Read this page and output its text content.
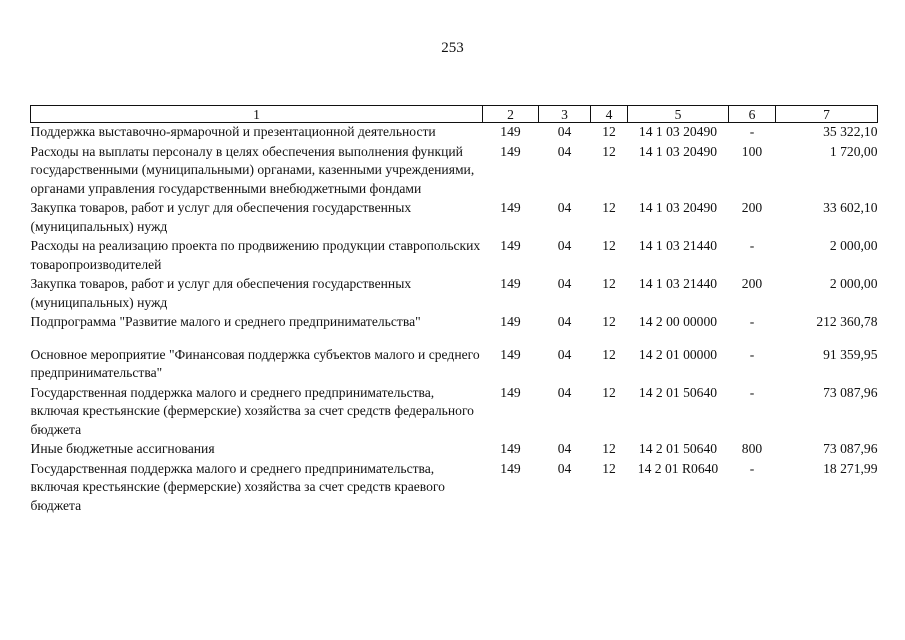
253
1	2	3	4	5	6	7
Поддержка выставочно-ярмарочной и презентационной деятельности	149	04	12	14 1 03 20490	-	35 322,10
Расходы на выплаты персоналу в целях обеспечения выполнения функций государственными (муниципальными) органами, казенными учреждениями, органами управления государственными внебюджетными фондами	149	04	12	14 1 03 20490	100	1 720,00
Закупка товаров, работ и услуг для обеспечения государственных (муниципальных) нужд	149	04	12	14 1 03 20490	200	33 602,10
Расходы на реализацию проекта по продвижению продукции ставропольских товаропроизводителей	149	04	12	14 1 03 21440	-	2 000,00
Закупка товаров, работ и услуг для обеспечения государственных (муниципальных) нужд	149	04	12	14 1 03 21440	200	2 000,00
Подпрограмма "Развитие малого и среднего предпринимательства"	149	04	12	14 2 00 00000	-	212 360,78
Основное мероприятие "Финансовая поддержка субъектов малого и среднего предпринимательства"	149	04	12	14 2 01 00000	-	91 359,95
Государственная поддержка малого и среднего предпринимательства, включая крестьянские (фермерские) хозяйства за счет средств федерального бюджета	149	04	12	14 2 01 50640	-	73 087,96
Иные бюджетные ассигнования	149	04	12	14 2 01 50640	800	73 087,96
Государственная поддержка малого и среднего предпринимательства, включая крестьянские (фермерские) хозяйства за счет средств краевого бюджета	149	04	12	14 2 01 R0640	-	18 271,99
